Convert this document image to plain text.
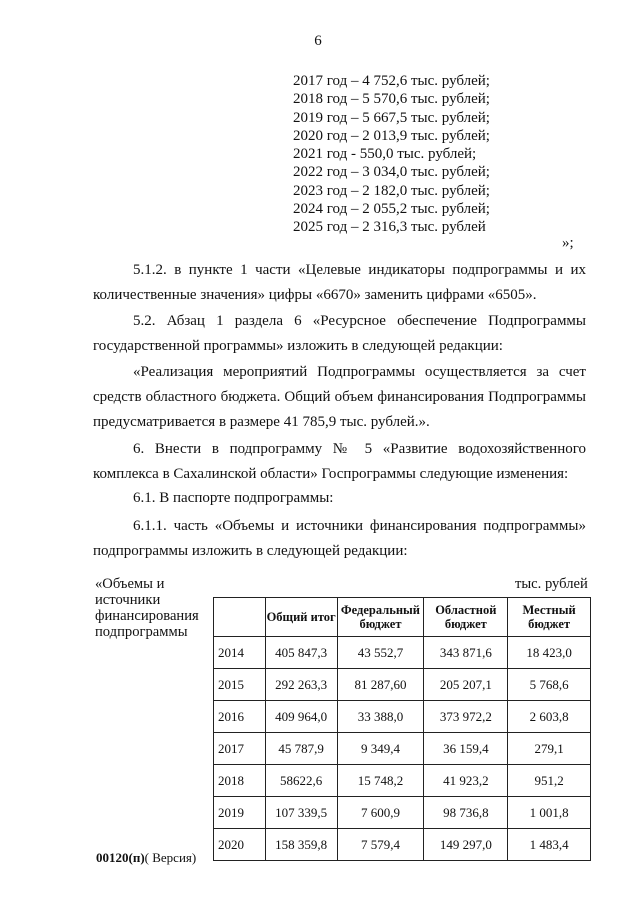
6
2017 год – 4 752,6 тыс. рублей;
2018 год – 5 570,6 тыс. рублей;
2019 год – 5 667,5 тыс. рублей;
2020 год – 2 013,9 тыс. рублей;
2021 год - 550,0 тыс. рублей;
2022 год – 3 034,0 тыс. рублей;
2023 год – 2 182,0 тыс. рублей;
2024 год – 2 055,2 тыс. рублей;
2025 год – 2 316,3 тыс. рублей
»;
5.1.2. в пункте 1 части «Целевые индикаторы подпрограммы и их количественные значения» цифры «6670» заменить цифрами «6505».
5.2. Абзац 1 раздела 6 «Ресурсное обеспечение Подпрограммы государственной программы» изложить в следующей редакции:
«Реализация мероприятий Подпрограммы осуществляется за счет средств областного бюджета. Общий объем финансирования Подпрограммы предусматривается в размере 41 785,9 тыс. рублей.».
6. Внести в подпрограмму № 5 «Развитие водохозяйственного комплекса в Сахалинской области» Госпрограммы следующие изменения:
6.1. В паспорте подпрограммы:
6.1.1. часть «Объемы и источники финансирования подпрограммы» подпрограммы изложить в следующей редакции:
«Объемы и
источники
финансирования
подпрограммы
тыс. рублей
	Общий итог	Федеральный бюджет	Областной бюджет	Местный бюджет
2014	405 847,3	43 552,7	343 871,6	18 423,0
2015	292 263,3	81 287,60	205 207,1	5 768,6
2016	409 964,0	33 388,0	373 972,2	2 603,8
2017	45 787,9	9 349,4	36 159,4	279,1
2018	58622,6	15 748,2	41 923,2	951,2
2019	107 339,5	7 600,9	98 736,8	1 001,8
2020	158 359,8	7 579,4	149 297,0	1 483,4
00120(п)( Версия)
